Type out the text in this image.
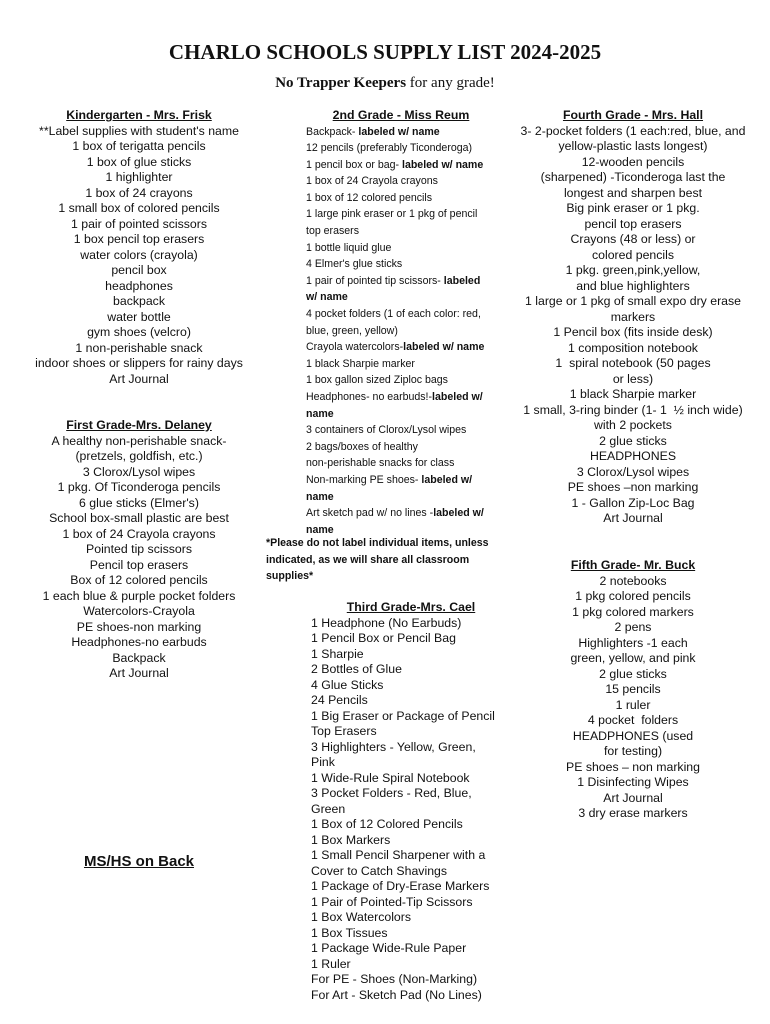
CHARLO SCHOOLS SUPPLY LIST 2024-2025
No Trapper Keepers for any grade!
Kindergarten - Mrs. Frisk
**Label supplies with student's name
1 box of terigatta pencils
1 box of glue sticks
1 highlighter
1 box of 24 crayons
1 small box of colored pencils
1 pair of pointed scissors
1 box pencil top erasers
water colors (crayola)
pencil box
headphones
backpack
water bottle
gym shoes (velcro)
1 non-perishable snack
indoor shoes or slippers for rainy days
Art Journal
First Grade-Mrs. Delaney
A healthy non-perishable snack-
(pretzels, goldfish, etc.)
3 Clorox/Lysol wipes
1 pkg. Of Ticonderoga pencils
6 glue sticks (Elmer's)
School box-small plastic are best
1 box of 24 Crayola crayons
Pointed tip scissors
Pencil top erasers
Box of 12 colored pencils
1 each blue & purple pocket folders
Watercolors-Crayola
PE shoes-non marking
Headphones-no earbuds
Backpack
Art Journal
MS/HS on Back
2nd Grade - Miss Reum
Backpack- labeled w/ name
12 pencils (preferably Ticonderoga)
1 pencil box or bag- labeled w/ name
1 box of 24 Crayola crayons
1 box of 12 colored pencils
1 large pink eraser or 1 pkg of pencil
top erasers
1 bottle liquid glue
4 Elmer's glue sticks
1 pair of pointed tip scissors- labeled
w/ name
4 pocket folders (1 of each color: red,
blue, green, yellow)
Crayola watercolors-labeled w/ name
1 black Sharpie marker
1 box gallon sized Ziploc bags
Headphones- no earbuds!-labeled w/
name
3 containers of Clorox/Lysol wipes
2 bags/boxes of healthy
non-perishable snacks for class
Non-marking PE shoes- labeled w/
name
Art sketch pad w/ no lines -labeled w/
name
*Please do not label individual items, unless
indicated, as we will share all classroom
supplies*
Third Grade-Mrs. Cael
1 Headphone (No Earbuds)
1 Pencil Box or Pencil Bag
1 Sharpie
2 Bottles of Glue
4 Glue Sticks
24 Pencils
1 Big Eraser or Package of Pencil
Top Erasers
3 Highlighters - Yellow, Green,
Pink
1 Wide-Rule Spiral Notebook
3 Pocket Folders - Red, Blue,
Green
1 Box of 12 Colored Pencils
1 Box Markers
1 Small Pencil Sharpener with a
Cover to Catch Shavings
1 Package of Dry-Erase Markers
1 Pair of Pointed-Tip Scissors
1 Box Watercolors
1 Box Tissues
1 Package Wide-Rule Paper
1 Ruler
For PE - Shoes (Non-Marking)
For Art - Sketch Pad (No Lines)
Fourth Grade - Mrs. Hall
3- 2-pocket folders (1 each:red, blue, and
yellow-plastic lasts longest)
12-wooden pencils
(sharpened) -Ticonderoga last the
longest and sharpen best
Big pink eraser or 1 pkg.
pencil top erasers
Crayons (48 or less) or
colored pencils
1 pkg. green,pink,yellow,
and blue highlighters
1 large or 1 pkg of small expo dry erase
markers
1 Pencil box (fits inside desk)
1 composition notebook
1  spiral notebook (50 pages
or less)
1 black Sharpie marker
1 small, 3-ring binder (1- 1  ½ inch wide)
with 2 pockets
2 glue sticks
HEADPHONES
3 Clorox/Lysol wipes
PE shoes –non marking
1 - Gallon Zip-Loc Bag
Art Journal
Fifth Grade- Mr. Buck
2 notebooks
1 pkg colored pencils
1 pkg colored markers
2 pens
Highlighters -1 each
green, yellow, and pink
2 glue sticks
15 pencils
1 ruler
4 pocket  folders
HEADPHONES (used
for testing)
PE shoes – non marking
1 Disinfecting Wipes
Art Journal
3 dry erase markers
